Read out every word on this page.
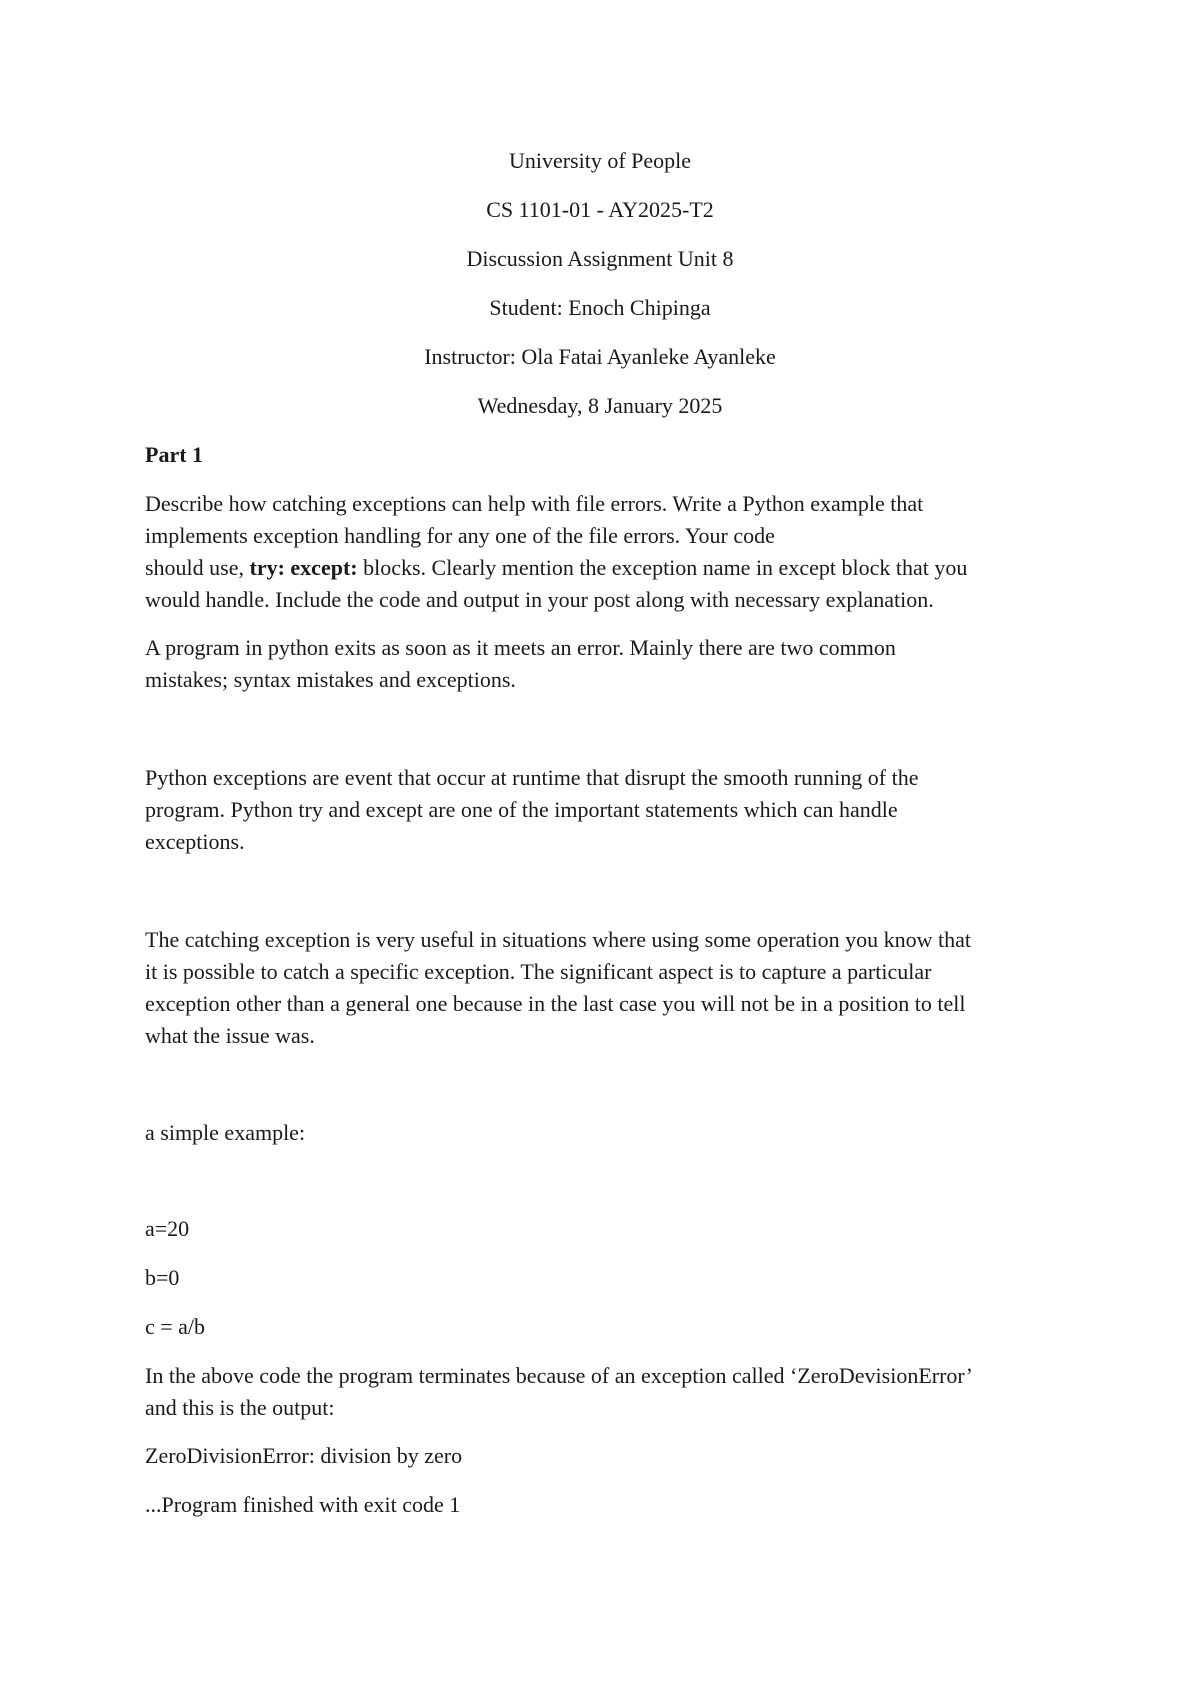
University of People

CS 1101-01 - AY2025-T2

Discussion Assignment Unit 8

Student: Enoch Chipinga

Instructor: Ola Fatai Ayanleke Ayanleke

Wednesday, 8 January 2025

Part 1

Describe how catching exceptions can help with file errors. Write a Python example that
implements exception handling for any one of the file errors. Your code
should use, try: except: blocks. Clearly mention the exception name in except block that you
would handle. Include the code and output in your post along with necessary explanation.
A program in python exits as soon as it meets an error. Mainly there are two common
mistakes; syntax mistakes and exceptions.
Python exceptions are event that occur at runtime that disrupt the smooth running of the
program. Python try and except are one of the important statements which can handle
exceptions.
The catching exception is very useful in situations where using some operation you know that
it is possible to catch a specific exception. The significant aspect is to capture a particular
exception other than a general one because in the last case you will not be in a position to tell
what the issue was.

a simple example:

a=20

b=0

c = a/b

In the above code the program terminates because of an exception called ‘ZeroDevisionError’
and this is the output:

ZeroDivisionError: division by zero

...Program finished with exit code 1
